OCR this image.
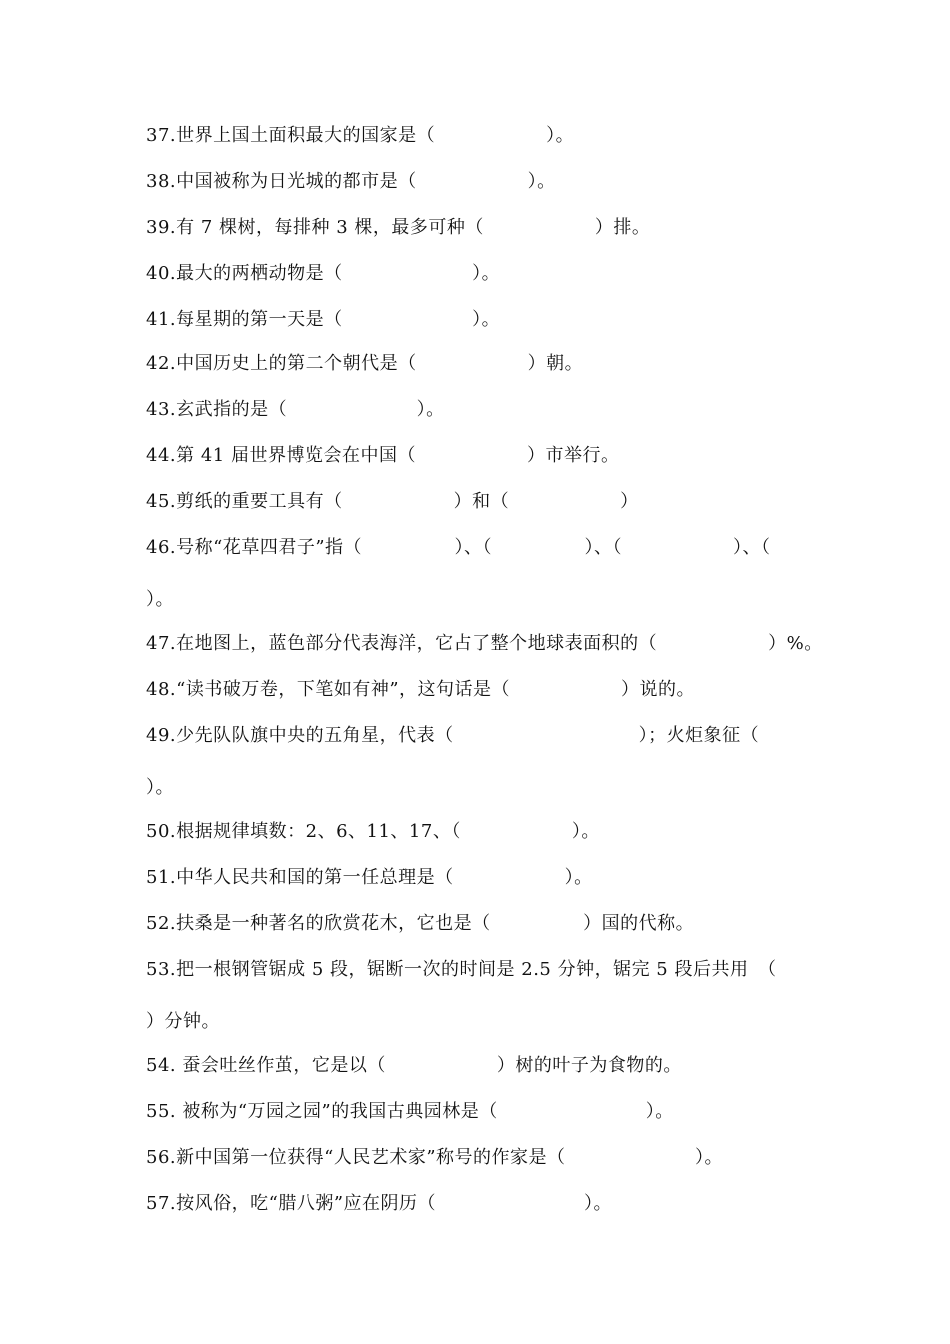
37.世界上国土面积最大的国家是（　　　　　　）。
38.中国被称为日光城的都市是（　　　　　　）。
39.有 7 棵树，每排种 3 棵，最多可种（　　　　　　）排。
40.最大的两栖动物是（　　　　　　　）。
41.每星期的第一天是（　　　　　　　）。
42.中国历史上的第二个朝代是（　　　　　　）朝。
43.玄武指的是（　　　　　　　）。
44.第 41 届世界博览会在中国（　　　　　　）市举行。
45.剪纸的重要工具有（　　　　　　）和（　　　　　　）
46.号称“花草四君子”指（　　　　　）、（　　　　　）、（　　　　　　）、（
）。
47.在地图上，蓝色部分代表海洋，它占了整个地球表面积的（　　　　　　）%。
48.“读书破万卷，下笔如有神”，这句话是（　　　　　　）说的。
49.少先队队旗中央的五角星，代表（　　　　　　　　　　）；火炬象征（
）。
50.根据规律填数：2、6、11、17、（　　　　　　）。
51.中华人民共和国的第一任总理是（　　　　　　）。
52.扶桑是一种著名的欣赏花木，它也是（　　　　　）国的代称。
53.把一根钢管锯成 5 段，锯断一次的时间是 2.5 分钟，锯完 5 段后共用　（
）分钟。
54. 蚕会吐丝作茧，它是以（　　　　　　）树的叶子为食物的。
55. 被称为“万园之园”的我国古典园林是（　　　　　　　　）。
56.新中国第一位获得“人民艺术家”称号的作家是（　　　　　　　）。
57.按风俗，吃“腊八粥”应在阴历（　　　　　　　　）。
